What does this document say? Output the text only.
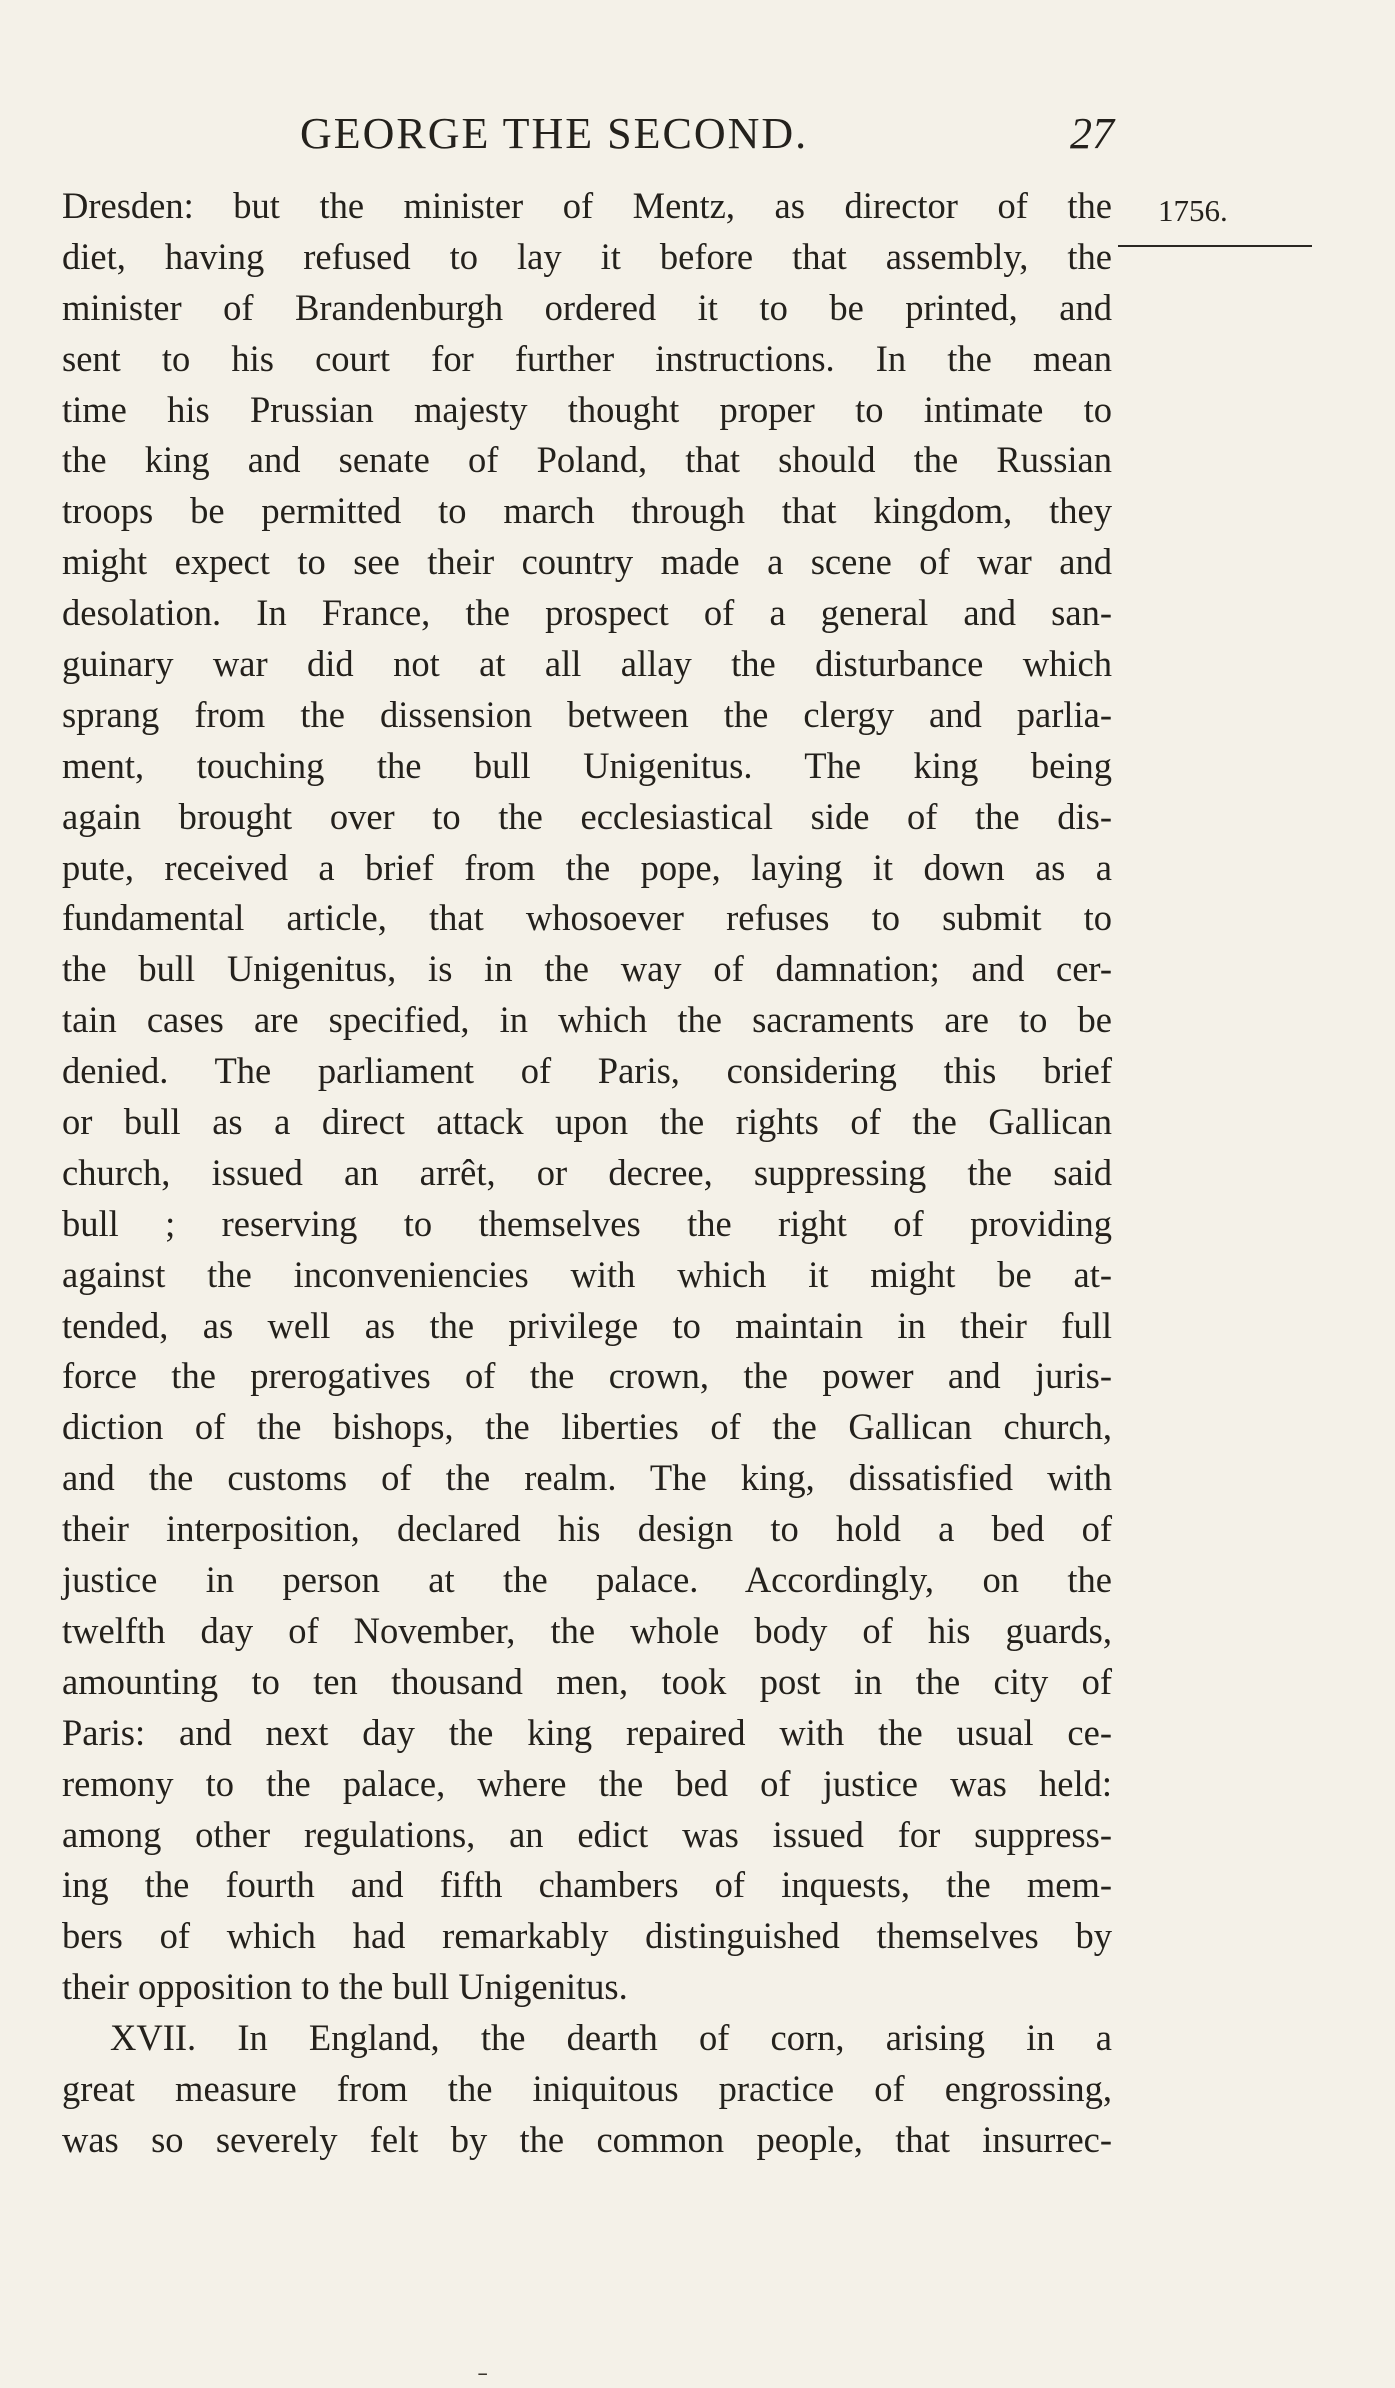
GEORGE THE SECOND.	27
1756.
Dresden: but the minister of Mentz, as director of the
diet, having refused to lay it before that assembly, the
minister of Brandenburgh ordered it to be printed, and
sent to his court for further instructions. In the mean
time his Prussian majesty thought proper to intimate to
the king and senate of Poland, that should the Russian
troops be permitted to march through that kingdom, they
might expect to see their country made a scene of war and
desolation. In France, the prospect of a general and san-
guinary war did not at all allay the disturbance which
sprang from the dissension between the clergy and parlia-
ment, touching the bull Unigenitus. The king being
again brought over to the ecclesiastical side of the dis-
pute, received a brief from the pope, laying it down as a
fundamental article, that whosoever refuses to submit to
the bull Unigenitus, is in the way of damnation; and cer-
tain cases are specified, in which the sacraments are to be
denied. The parliament of Paris, considering this brief
or bull as a direct attack upon the rights of the Gallican
church, issued an arrêt, or decree, suppressing the said
bull ; reserving to themselves the right of providing
against the inconveniencies with which it might be at-
tended, as well as the privilege to maintain in their full
force the prerogatives of the crown, the power and juris-
diction of the bishops, the liberties of the Gallican church,
and the customs of the realm. The king, dissatisfied with
their interposition, declared his design to hold a bed of
justice in person at the palace. Accordingly, on the
twelfth day of November, the whole body of his guards,
amounting to ten thousand men, took post in the city of
Paris: and next day the king repaired with the usual ce-
remony to the palace, where the bed of justice was held:
among other regulations, an edict was issued for suppress-
ing the fourth and fifth chambers of inquests, the mem-
bers of which had remarkably distinguished themselves by
their opposition to the bull Unigenitus.
XVII. In England, the dearth of corn, arising in a
great measure from the iniquitous practice of engrossing,
was so severely felt by the common people, that insurrec-
˗
